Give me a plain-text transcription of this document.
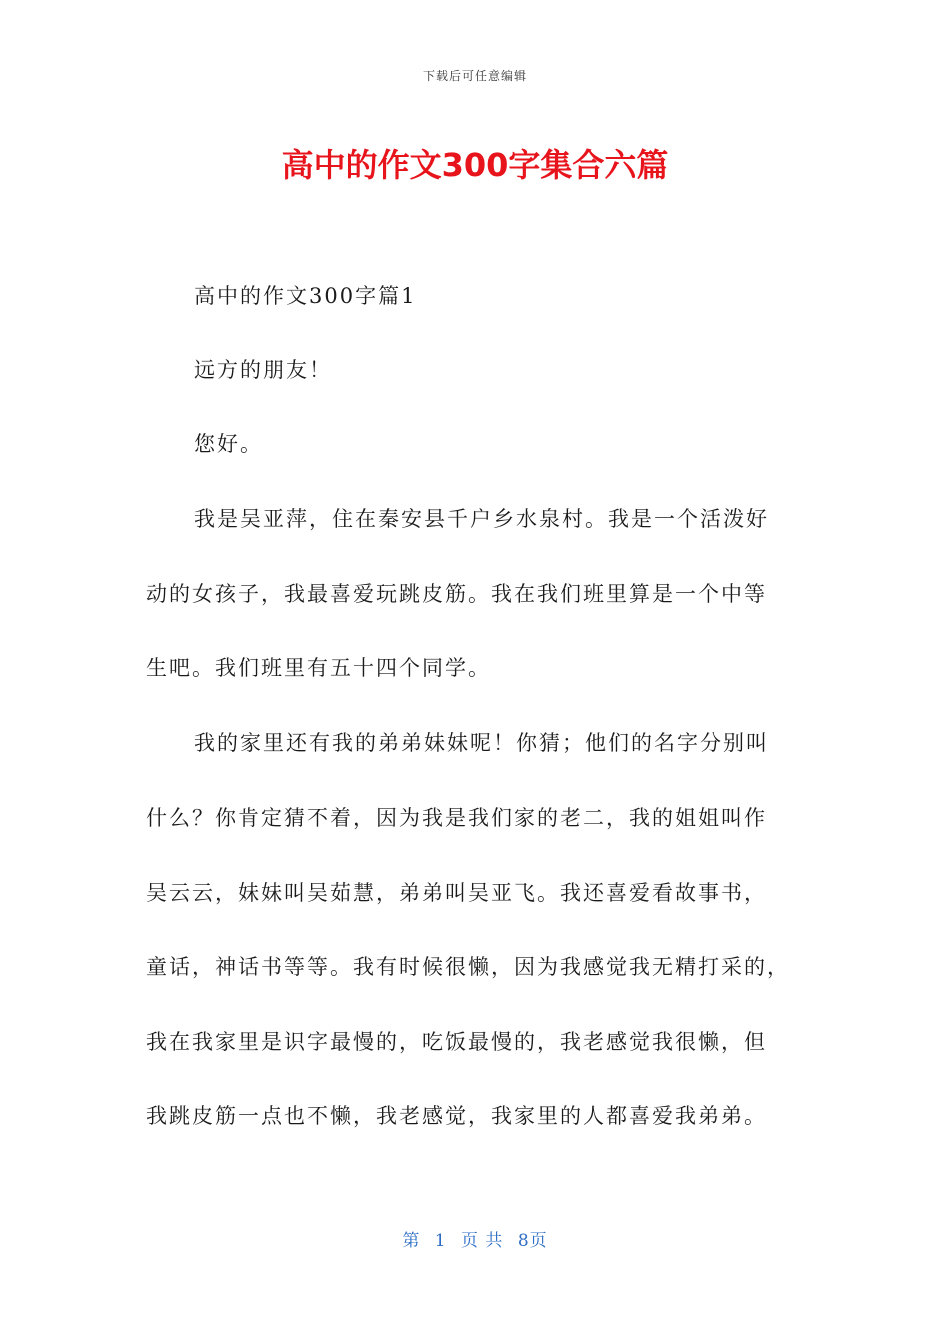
下载后可任意编辑
高中的作文300字集合六篇
高中的作文300字篇1
远方的朋友！
您好。
我是吴亚萍，住在秦安县千户乡水泉村。我是一个活泼好
动的女孩子，我最喜爱玩跳皮筋。我在我们班里算是一个中等
生吧。我们班里有五十四个同学。
我的家里还有我的弟弟妹妹呢！你猜；他们的名字分别叫
什么？你肯定猜不着，因为我是我们家的老二，我的姐姐叫作
吴云云，妹妹叫吴茹慧，弟弟叫吴亚飞。我还喜爱看故事书，
童话，神话书等等。我有时候很懒，因为我感觉我无精打采的，
我在我家里是识字最慢的，吃饭最慢的，我老感觉我很懒，但
我跳皮筋一点也不懒，我老感觉，我家里的人都喜爱我弟弟。
第 1 页 共 8页
